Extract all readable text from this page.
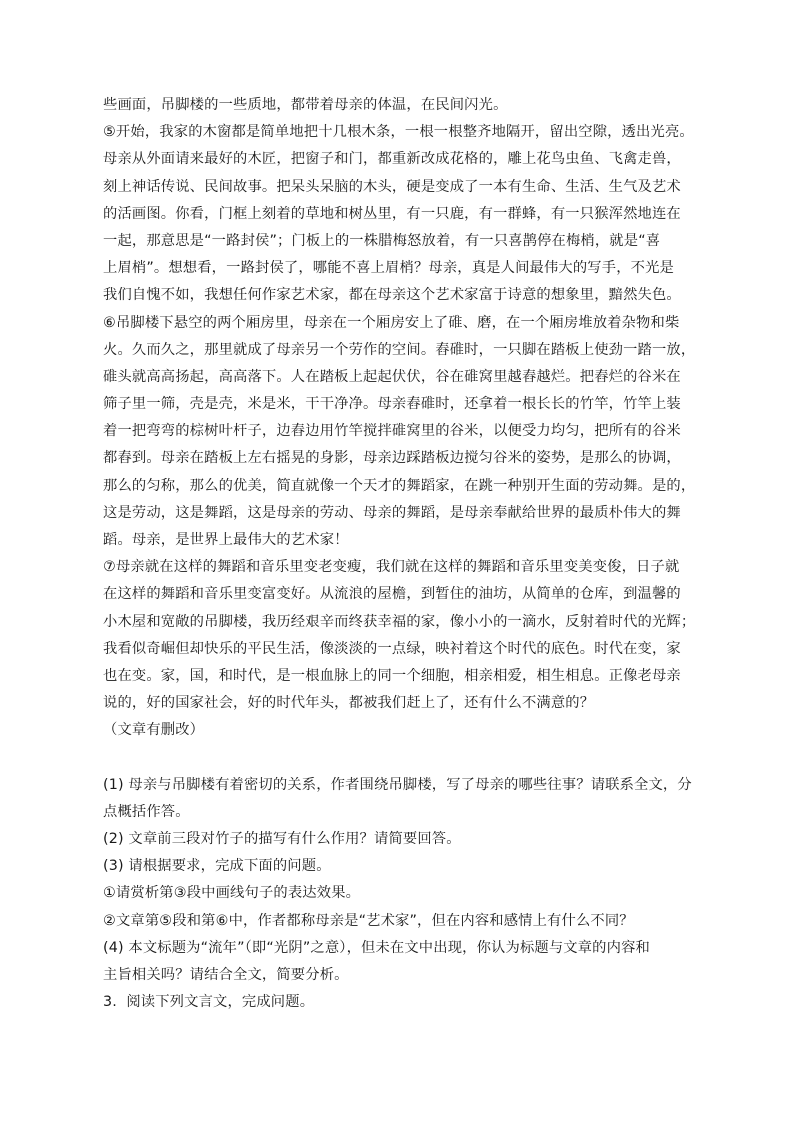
些画面，吊脚楼的一些质地，都带着母亲的体温，在民间闪光。
⑤开始，我家的木窗都是简单地把十几根木条，一根一根整齐地隔开，留出空隙，透出光亮。
母亲从外面请来最好的木匠，把窗子和门，都重新改成花格的，雕上花鸟虫鱼、飞禽走兽，
刻上神话传说、民间故事。把呆头呆脑的木头，硬是变成了一本有生命、生活、生气及艺术
的活画图。你看，门框上刻着的草地和树丛里，有一只鹿，有一群蜂，有一只猴浑然地连在
一起，那意思是“一路封侯”；门板上的一株腊梅怒放着，有一只喜鹊停在梅梢，就是“喜
上眉梢”。想想看，一路封侯了，哪能不喜上眉梢？母亲，真是人间最伟大的写手，不光是
我们自愧不如，我想任何作家艺术家，都在母亲这个艺术家富于诗意的想象里，黯然失色。
⑥吊脚楼下悬空的两个厢房里，母亲在一个厢房安上了碓、磨，在一个厢房堆放着杂物和柴
火。久而久之，那里就成了母亲另一个劳作的空间。舂碓时，一只脚在踏板上使劲一踏一放，
碓头就高高扬起，高高落下。人在踏板上起起伏伏，谷在碓窝里越舂越烂。把舂烂的谷米在
筛子里一筛，壳是壳，米是米，干干净净。母亲舂碓时，还拿着一根长长的竹竿，竹竿上装
着一把弯弯的棕树叶杆子，边舂边用竹竿搅拌碓窝里的谷米，以便受力均匀，把所有的谷米
都舂到。母亲在踏板上左右摇晃的身影，母亲边踩踏板边搅匀谷米的姿势，是那么的协调，
那么的匀称，那么的优美，简直就像一个天才的舞蹈家，在跳一种别开生面的劳动舞。是的，
这是劳动，这是舞蹈，这是母亲的劳动、母亲的舞蹈，是母亲奉献给世界的最质朴伟大的舞
蹈。母亲，是世界上最伟大的艺术家！
⑦母亲就在这样的舞蹈和音乐里变老变瘦，我们就在这样的舞蹈和音乐里变美变俊，日子就
在这样的舞蹈和音乐里变富变好。从流浪的屋檐，到暂住的油坊，从简单的仓库，到温馨的
小木屋和宽敞的吊脚楼，我历经艰辛而终获幸福的家，像小小的一滴水，反射着时代的光辉；
我看似奇崛但却快乐的平民生活，像淡淡的一点绿，映衬着这个时代的底色。时代在变，家
也在变。家，国，和时代，是一根血脉上的同一个细胞，相亲相爱，相生相息。正像老母亲
说的，好的国家社会，好的时代年头，都被我们赶上了，还有什么不满意的？
（文章有删改）
(1) 母亲与吊脚楼有着密切的关系，作者围绕吊脚楼，写了母亲的哪些往事？请联系全文，分
点概括作答。
(2) 文章前三段对竹子的描写有什么作用？请简要回答。
(3) 请根据要求，完成下面的问题。
①请赏析第③段中画线句子的表达效果。
②文章第⑤段和第⑥中，作者都称母亲是“艺术家”，但在内容和感情上有什么不同？
(4) 本文标题为“流年”（即“光阴”之意），但未在文中出现，你认为标题与文章的内容和
主旨相关吗？请结合全文，简要分析。
3.  阅读下列文言文，完成问题。
